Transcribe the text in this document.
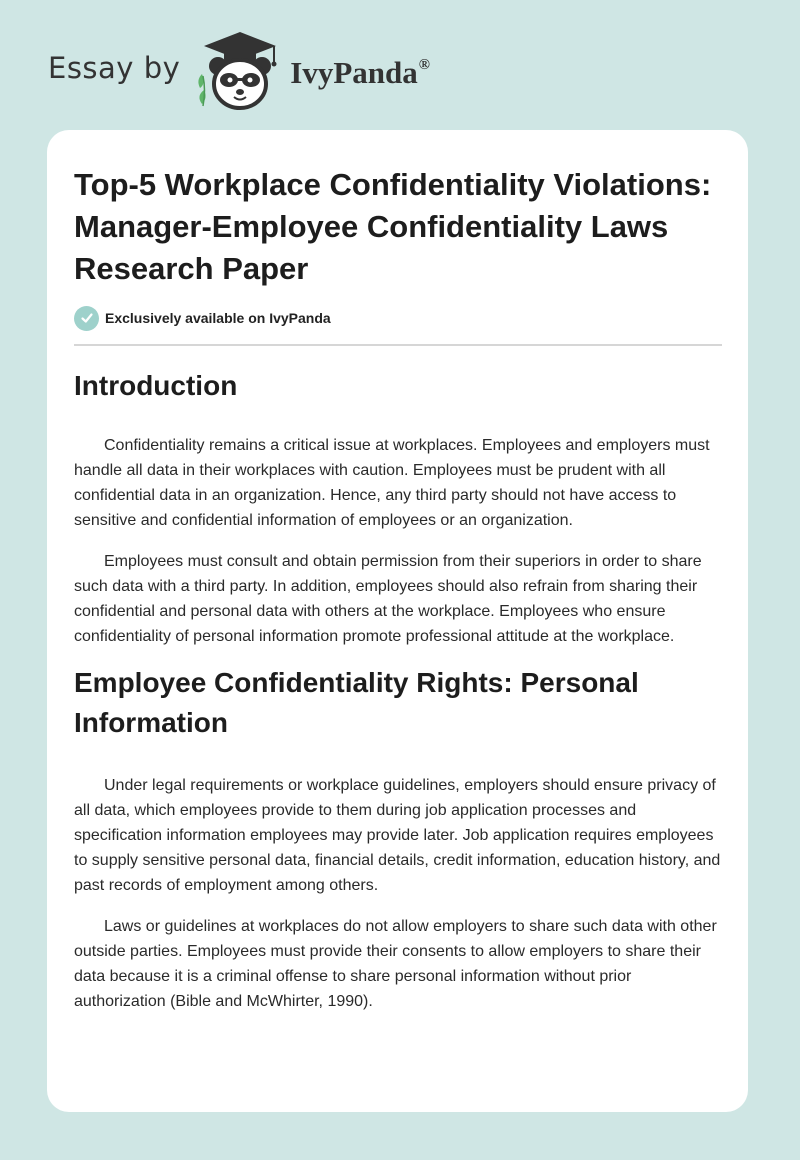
Essay by	IvyPanda®
Top-5 Workplace Confidentiality Violations: Manager-Employee Confidentiality Laws Research Paper
Exclusively available on IvyPanda
Introduction

Confidentiality remains a critical issue at workplaces. Employees and employers must handle all data in their workplaces with caution. Employees must be prudent with all confidential data in an organization. Hence, any third party should not have access to sensitive and confidential information of employees or an organization.

Employees must consult and obtain permission from their superiors in order to share such data with a third party. In addition, employees should also refrain from sharing their confidential and personal data with others at the workplace. Employees who ensure confidentiality of personal information promote professional attitude at the workplace.

Employee Confidentiality Rights: Personal Information

Under legal requirements or workplace guidelines, employers should ensure privacy of all data, which employees provide to them during job application processes and specification information employees may provide later. Job application requires employees to supply sensitive personal data, financial details, credit information, education history, and past records of employment among others.

Laws or guidelines at workplaces do not allow employers to share such data with other outside parties. Employees must provide their consents to allow employers to share their data because it is a criminal offense to share personal information without prior authorization (Bible and McWhirter, 1990).
